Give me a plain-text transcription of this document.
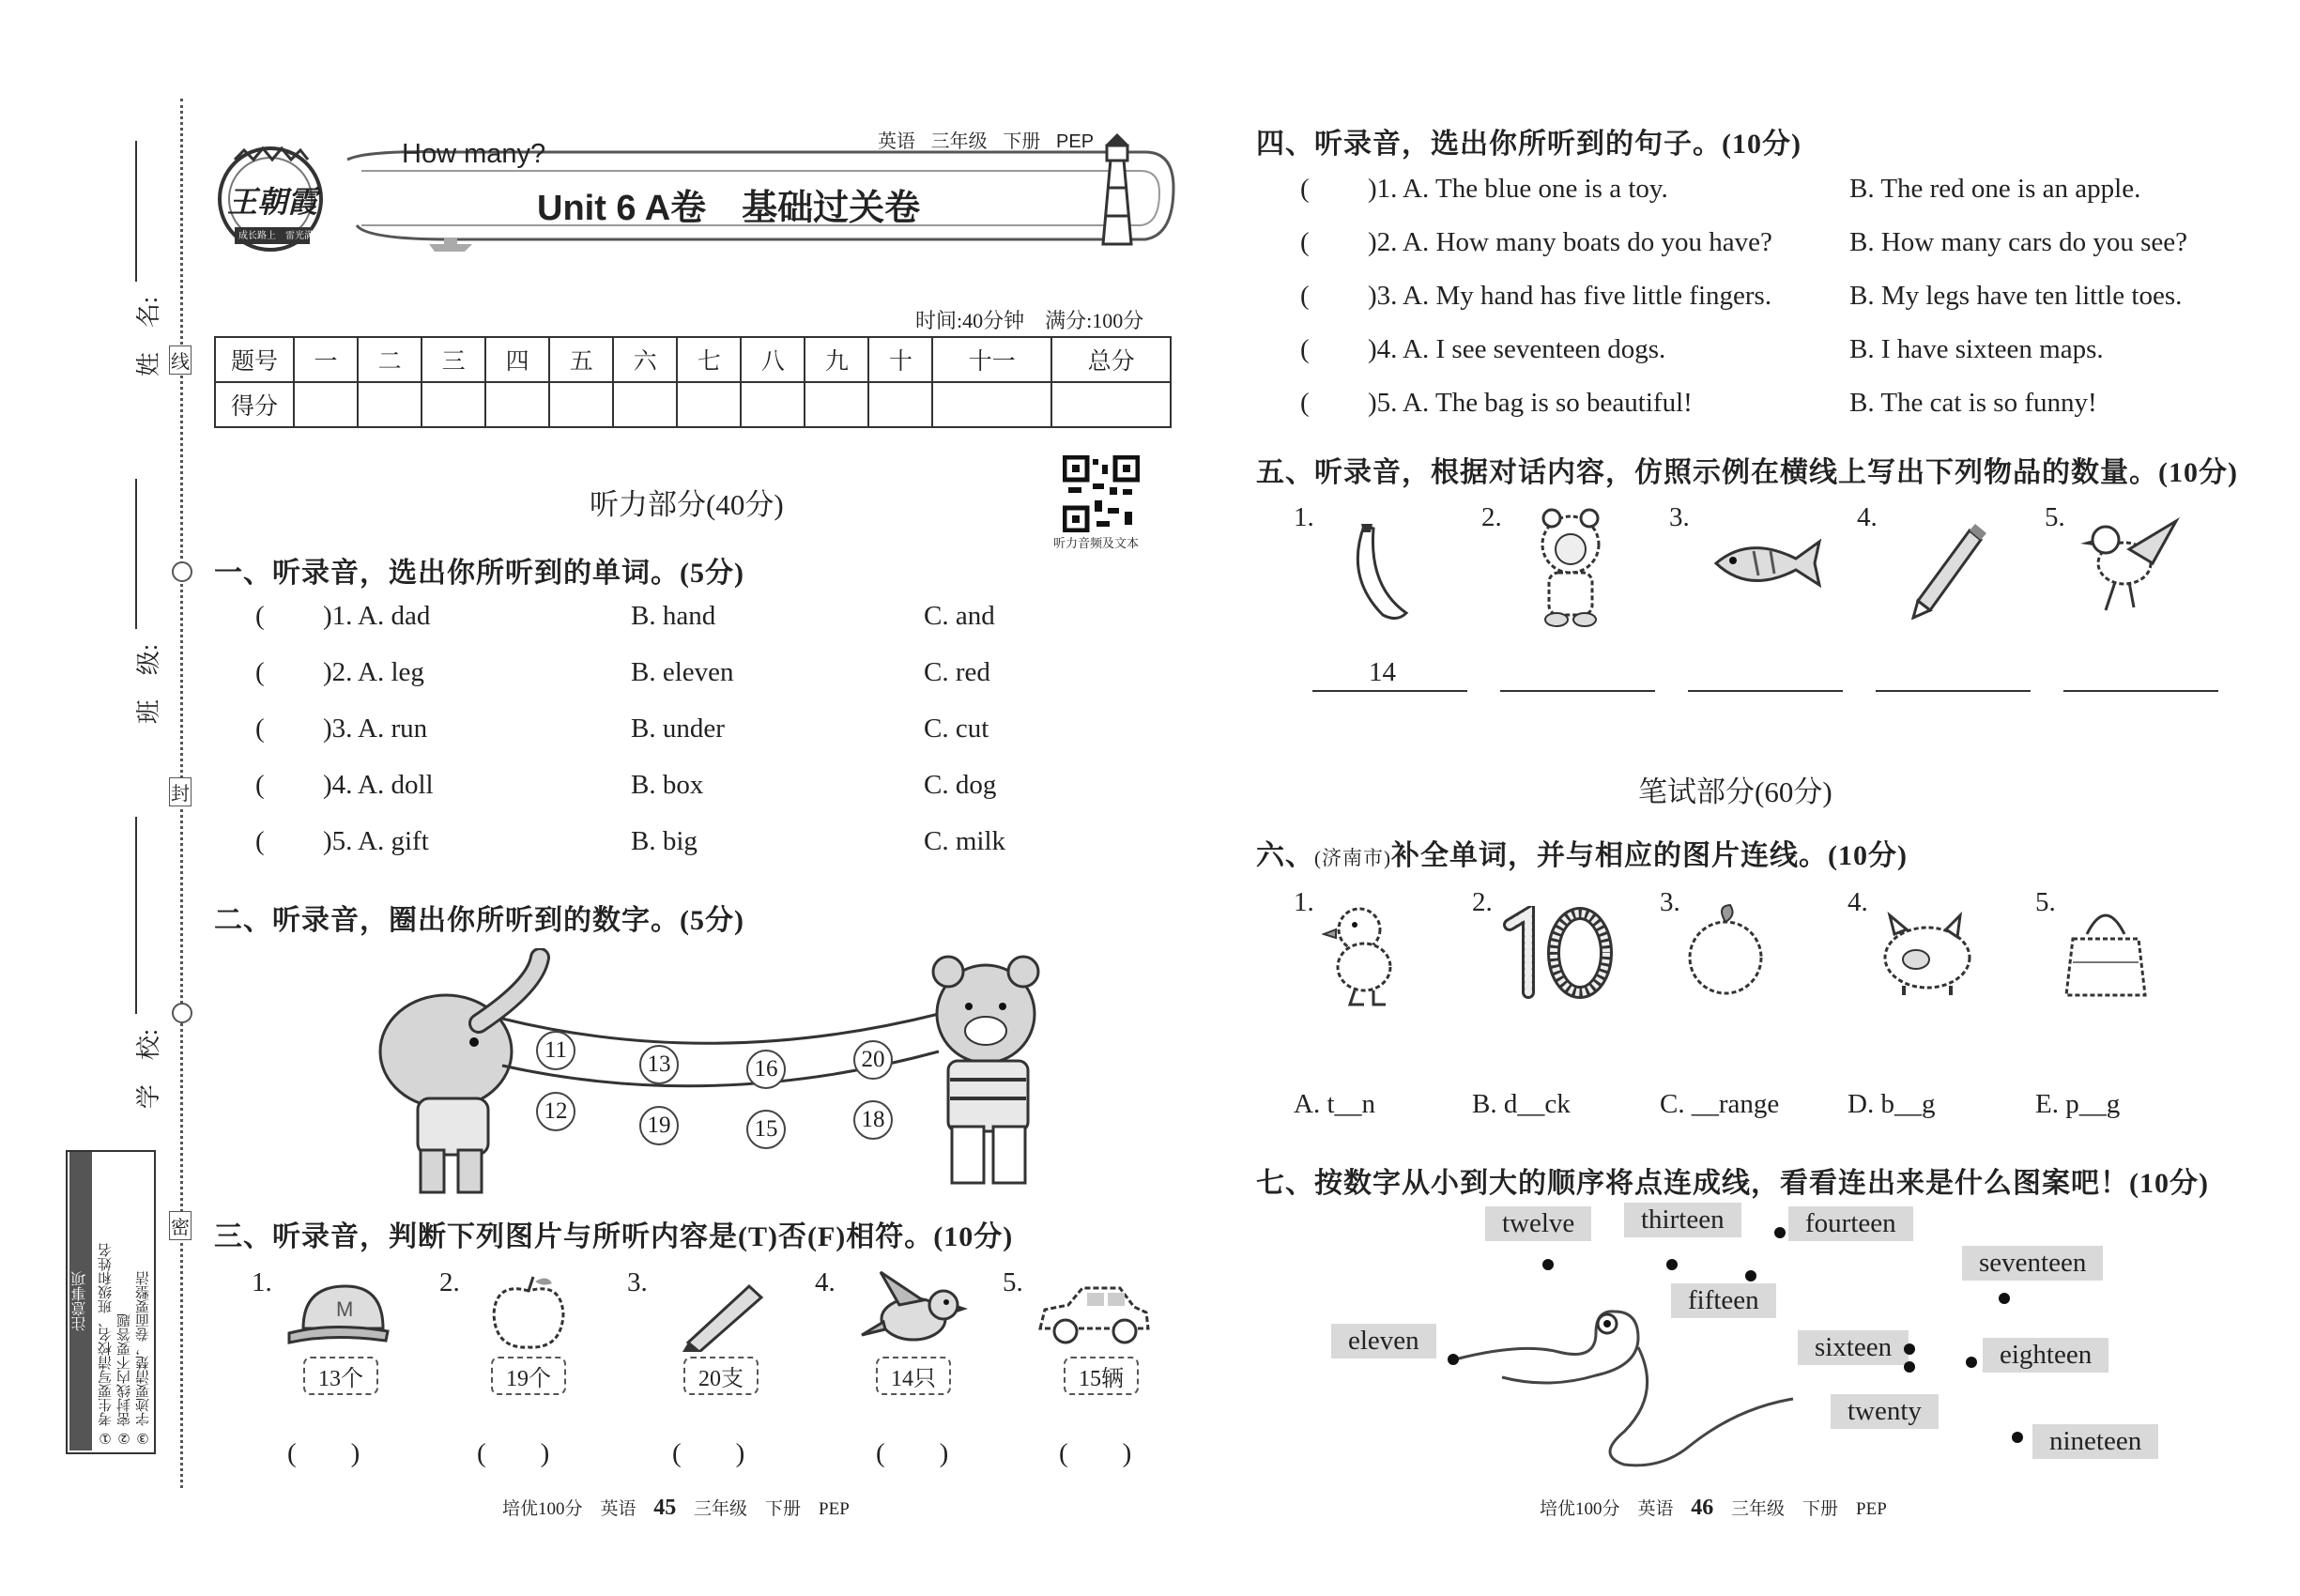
线
封
密
姓　名:
班　级:
学　校:
注意事项 ① 考生要写清校名、班级和姓名 ② 密封线内不要答题 ③ 字迹要清楚，卷面要整洁
王朝霞
成长路上　雷光满天
How many?	英语 三年级 下册 PEP
Unit 6 A卷　基础过关卷
时间:40分钟　满分:100分
题号	一	二	三	四	五	六	七	八	九	十	十一	总分
得分												
听力音频及文本
听力部分(40分)
一、听录音，选出你所听到的单词。(5分)
( )1. A. dad	B. hand	C. and
( )2. A. leg	B. eleven	C. red
( )3. A. run	B. under	C. cut
( )4. A. doll	B. box	C. dog
( )5. A. gift	B. big	C. milk
二、听录音，圈出你所听到的数字。(5分)
11
13	16	20
12
19	15	18
三、听录音，判断下列图片与所听内容是(T)否(F)相符。(10分)
1.
M
13个
(　　)
2.
19个
(　　)
3.
20支
(　　)
4.
14只
(　　)
5.
15辆
(　　)
培优100分　英语 45 三年级　下册　PEP
四、听录音，选出你所听到的句子。(10分)
( )1. A. The blue one is a toy.	B. The red one is an apple.
( )2. A. How many boats do you have?	B. How many cars do you see?
( )3. A. My hand has five little fingers.	B. My legs have ten little toes.
( )4. A. I see seventeen dogs.	B. I have sixteen maps.
( )5. A. The bag is so beautiful!	B. The cat is so funny!
五、听录音，根据对话内容，仿照示例在横线上写出下列物品的数量。(10分)
1.
14
2.	3.	4.	5.
笔试部分(60分)
六、(济南市)补全单词，并与相应的图片连线。(10分)
1.
A. t__n
2.
B. d__ck
3.
C. __range
4.
D. b__g
5.
E. p__g
七、按数字从小到大的顺序将点连成线，看看连出来是什么图案吧！(10分)
twelve	thirteen	fourteen
seventeen
fifteen
eleven	sixteen	eighteen
twenty
nineteen
培优100分　英语 46 三年级　下册　PEP
